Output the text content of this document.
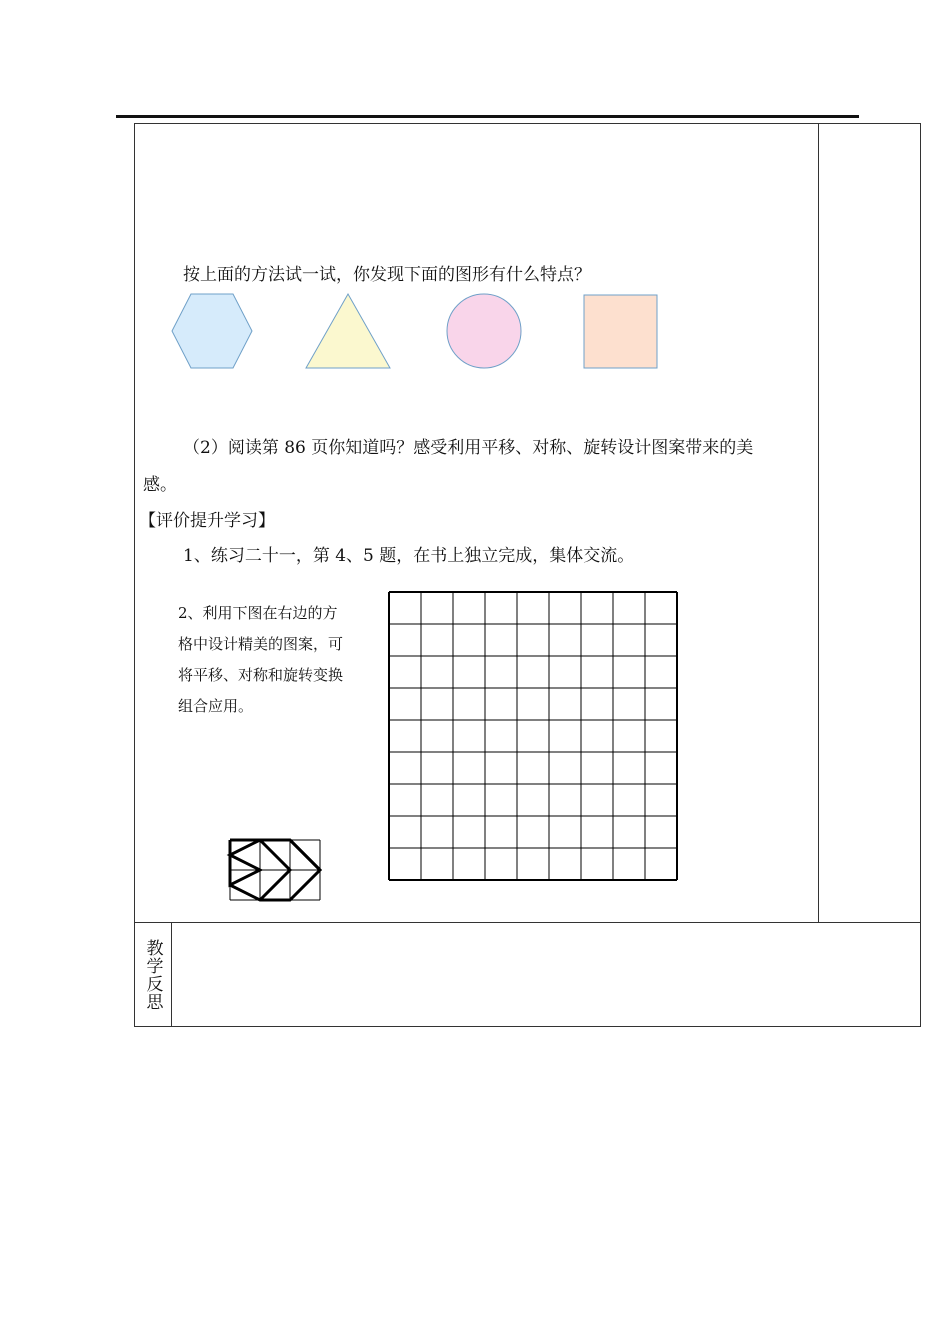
按上面的方法试一试，你发现下面的图形有什么特点？
（2）阅读第 86 页你知道吗？感受利用平移、对称、旋转设计图案带来的美
感。
【评价提升学习】
1、练习二十一，第 4、5 题，在书上独立完成，集体交流。
2、利用下图在右边的方
格中设计精美的图案，可
将平移、对称和旋转变换
组合应用。
教学反思
